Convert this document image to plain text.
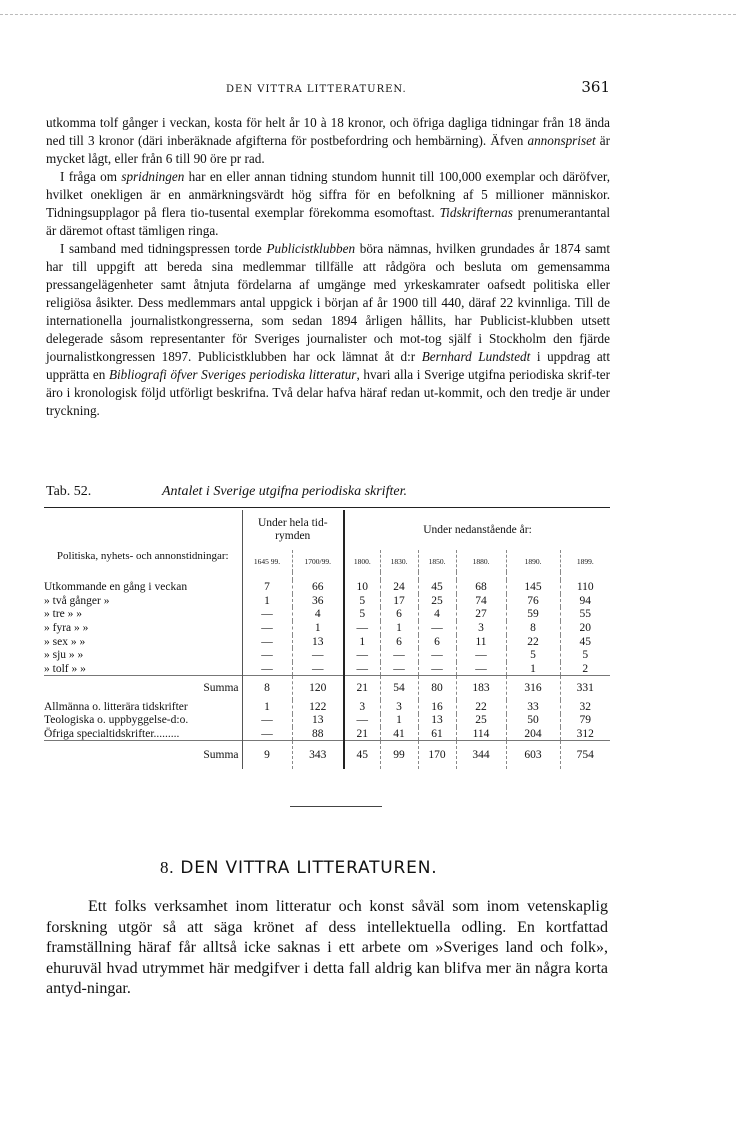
DEN VITTRA LITTERATUREN.	361

utkomma tolf gånger i veckan, kosta för helt år 10 à 18 kronor, och öfriga dagliga tidningar från 18 ända ned till 3 kronor (däri inberäknade afgifterna för postbefordring och hembärning). Äfven annonspriset är mycket lågt, eller från 6 till 90 öre pr rad.

I fråga om spridningen har en eller annan tidning stundom hunnit till 100,000 exemplar och däröfver, hvilket onekligen är en anmärkningsvärdt hög siffra för en befolkning af 5 millioner människor. Tidningsupplagor på flera tio-tusental exemplar förekomma esomoftast. Tidskrifternas prenumerantantal är däremot oftast tämligen ringa.

I samband med tidningspressen torde Publicistklubben böra nämnas, hvilken grundades år 1874 samt har till uppgift att bereda sina medlemmar tillfälle att rådgöra och besluta om gemensamma pressangelägenheter samt åtnjuta fördelarna af umgänge med yrkeskamrater oafsedt politiska eller religiösa åsikter. Dess medlemmars antal uppgick i början af år 1900 till 440, däraf 22 kvinnliga. Till de internationella journalistkongresserna, som sedan 1894 årligen hållits, har Publicist-klubben utsett delegerade såsom representanter för Sveriges journalister och mot-tog själf i Stockholm den fjärde journalistkongressen 1897. Publicistklubben har ock lämnat åt d:r Bernhard Lundstedt i uppdrag att upprätta en Bibliografi öfver Sveriges periodiska litteratur, hvari alla i Sverige utgifna periodiska skrif-ter äro i kronologisk följd utförligt beskrifna. Två delar hafva häraf redan ut-kommit, och den tredje är under tryckning.

Tab. 52.	Antalet i Sverige utgifna periodiska skrifter.
	Under hela tid-rymden		Under nedanstående år:					
Politiska, nyhets- och annonstidningar:	1645 99.	1700/99.	1800.	1830.	1850.	1880.	1890.	1899.

Utkommande en gång i veckan	7	66	10	24	45	68	145	110
» två gånger »	1	36	5	17	25	74	76	94
» tre » »	—	4	5	6	4	27	59	55
» fyra » »	—	1	—	1	—	3	8	20
» sex » »	—	13	1	6	6	11	22	45
» sju » »	—	—	—	—	—	—	5	5
» tolf » »	—	—	—	—	—	—	1	2
Summa	8	120	21	54	80	183	316	331
Allmänna o. litterära tidskrifter	1	122	3	3	16	22	33	32
Teologiska o. uppbyggelse-d:o.	—	13	—	1	13	25	50	79
Öfriga specialtidskrifter.........	—	88	21	41	61	114	204	312
Summa	9	343	45	99	170	344	603	754
8. DEN VITTRA LITTERATUREN.
Ett folks verksamhet inom litteratur och konst såväl som inom vetenskaplig forskning utgör så att säga krönet af dess intellektuella odling. En kortfattad framställning häraf får alltså icke saknas i ett arbete om »Sveriges land och folk», ehuruväl hvad utrymmet här medgifver i detta fall aldrig kan blifva mer än några korta antyd-ningar.
